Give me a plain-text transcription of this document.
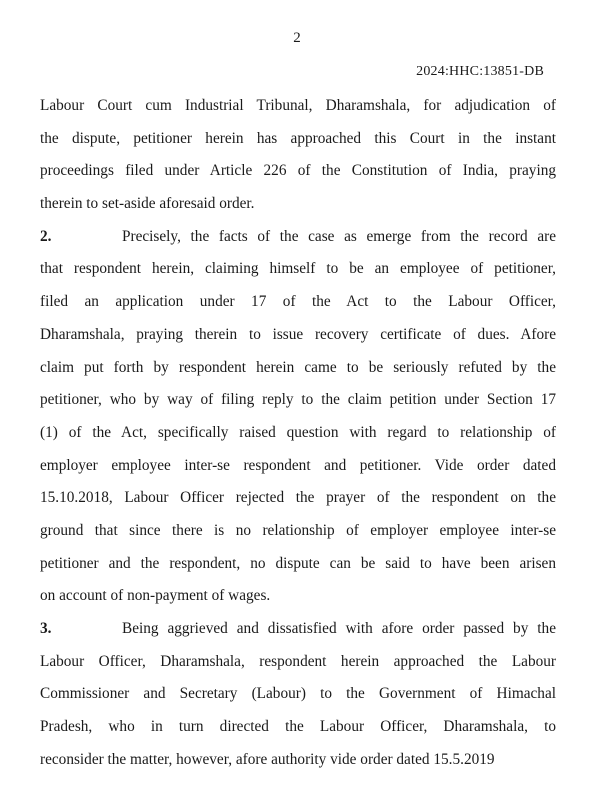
2
2024:HHC:13851-DB
Labour Court cum Industrial Tribunal, Dharamshala, for adjudication of
the dispute, petitioner herein has approached this Court in the instant
proceedings filed under Article 226 of the Constitution of India, praying
therein to set-aside aforesaid order.
2.	Precisely, the facts of the case as emerge from the record are
that respondent herein, claiming himself to be an employee of petitioner,
filed an application under 17 of the Act to the Labour Officer,
Dharamshala, praying therein to issue recovery certificate of dues. Afore
claim put forth by respondent herein came to be seriously refuted by the
petitioner, who by way of filing reply to the claim petition under Section 17
(1) of the Act, specifically raised question with regard to relationship of
employer employee inter-se respondent and petitioner. Vide order dated
15.10.2018, Labour Officer rejected the prayer of the respondent on the
ground that since there is no relationship of employer employee inter-se
petitioner and the respondent, no dispute can be said to have been arisen
on account of non-payment of wages.
3.	Being aggrieved and dissatisfied with afore order passed by the
Labour Officer, Dharamshala, respondent herein approached the Labour
Commissioner and Secretary (Labour) to the Government of Himachal
Pradesh, who in turn directed the Labour Officer, Dharamshala, to
reconsider the matter, however, afore authority vide order dated 15.5.2019
